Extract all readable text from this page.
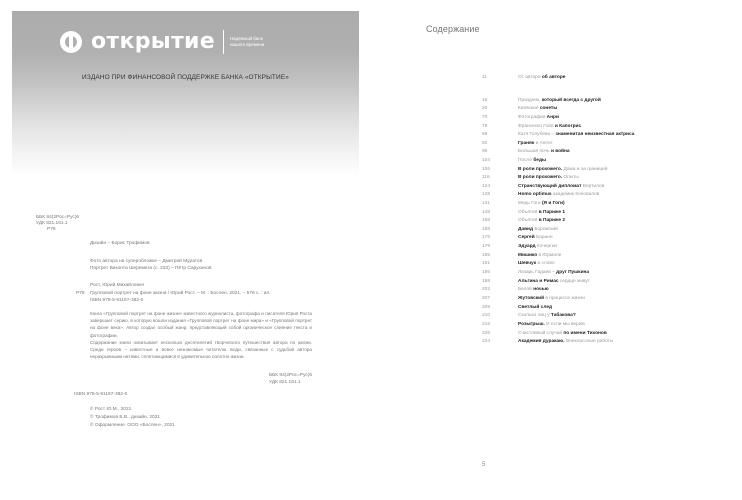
открытие	Надёжный банк
нашего времени
ИЗДАНО ПРИ ФИНАНСОВОЙ ПОДДЕРЖКЕ БАНКА «ОТКРЫТИЕ»
ББК 84(2Рос=Рус)6
УДК 821.161.1
Р78
Дизайн – Борис Трофимов
Фото автора на суперобложке – Дмитрий Муратов
Портрет Виконта Шеремета (с. 233) – Пётр Саруханов
Рост, Юрий Михайлович
Р78 Групповой портрет на фоне жизни / Юрий Рост. – М. : Бослен, 2021. – 576 с. : ил.
ISBN 978-5-91187-382-0
Книга «Групповой портрет на фоне жизни» известного журналиста, фотографа и писателя Юрия Роста завершает серию, в которую вошли издания «Групповой портрет на фоне мира» и «Групповой портрет на фоне века». Автор создал особый жанр, представляющий собой органическое слияние текста и фотографии.
Содержание книги охватывает несколько десятилетий творческого путешествия автора по жизни. Среди героев – известные и вовсе незнакомые читателю люди, связанные с судьбой автора неразрывными нитями, сплетающимися в удивительное полотно жизни.
ББК 84(2Рос=Рус)6
УДК 821.161.1
ISBN 978-5-91187-382-0
© Рост Ю.М., 2021
© Трофимов Б.В., дизайн, 2021
© Оформление. ООО «Бослен», 2021
Содержание
11	От автора об авторе
16	Праздник, который всегда с другой
20	Киевские сонеты
70	Фотография Анри
78	Франсиско Гойя и Капогрис
89	Катя Голубева – знаменитая неизвестная актриса
92	Граняк и Ангел
98	Большая почь и война
104	После беды
106	В роли прохожего. Дома и за границей
116	В роли прохожего. Опыты
124	Странствующий дипломат Вертилов
128	Homo optimus академик Коновалов
131	Медь Гоги (Я и Гоги)
148	Объятия в Париже 1
158	Объятия в Париже 2
168	Давид Боровский
175	Сергей Баранн
179	Эдуард Кочергин
185	Мишико в Юрмале
191	Шевчук и слово
195	Лазарь Гадаев – друг Пушкина
198	Альгина и Римас сердце живут
202	Белой ночью
207	Жутовский в процессе жизни
209	Светлый след
210	Сколько лиц у Табакова?
215	Розыгрыш. И если мы верим
226	Счастливый случай по имени Тихонов
234	Академия дуракаю. Внеклассные работы
5
